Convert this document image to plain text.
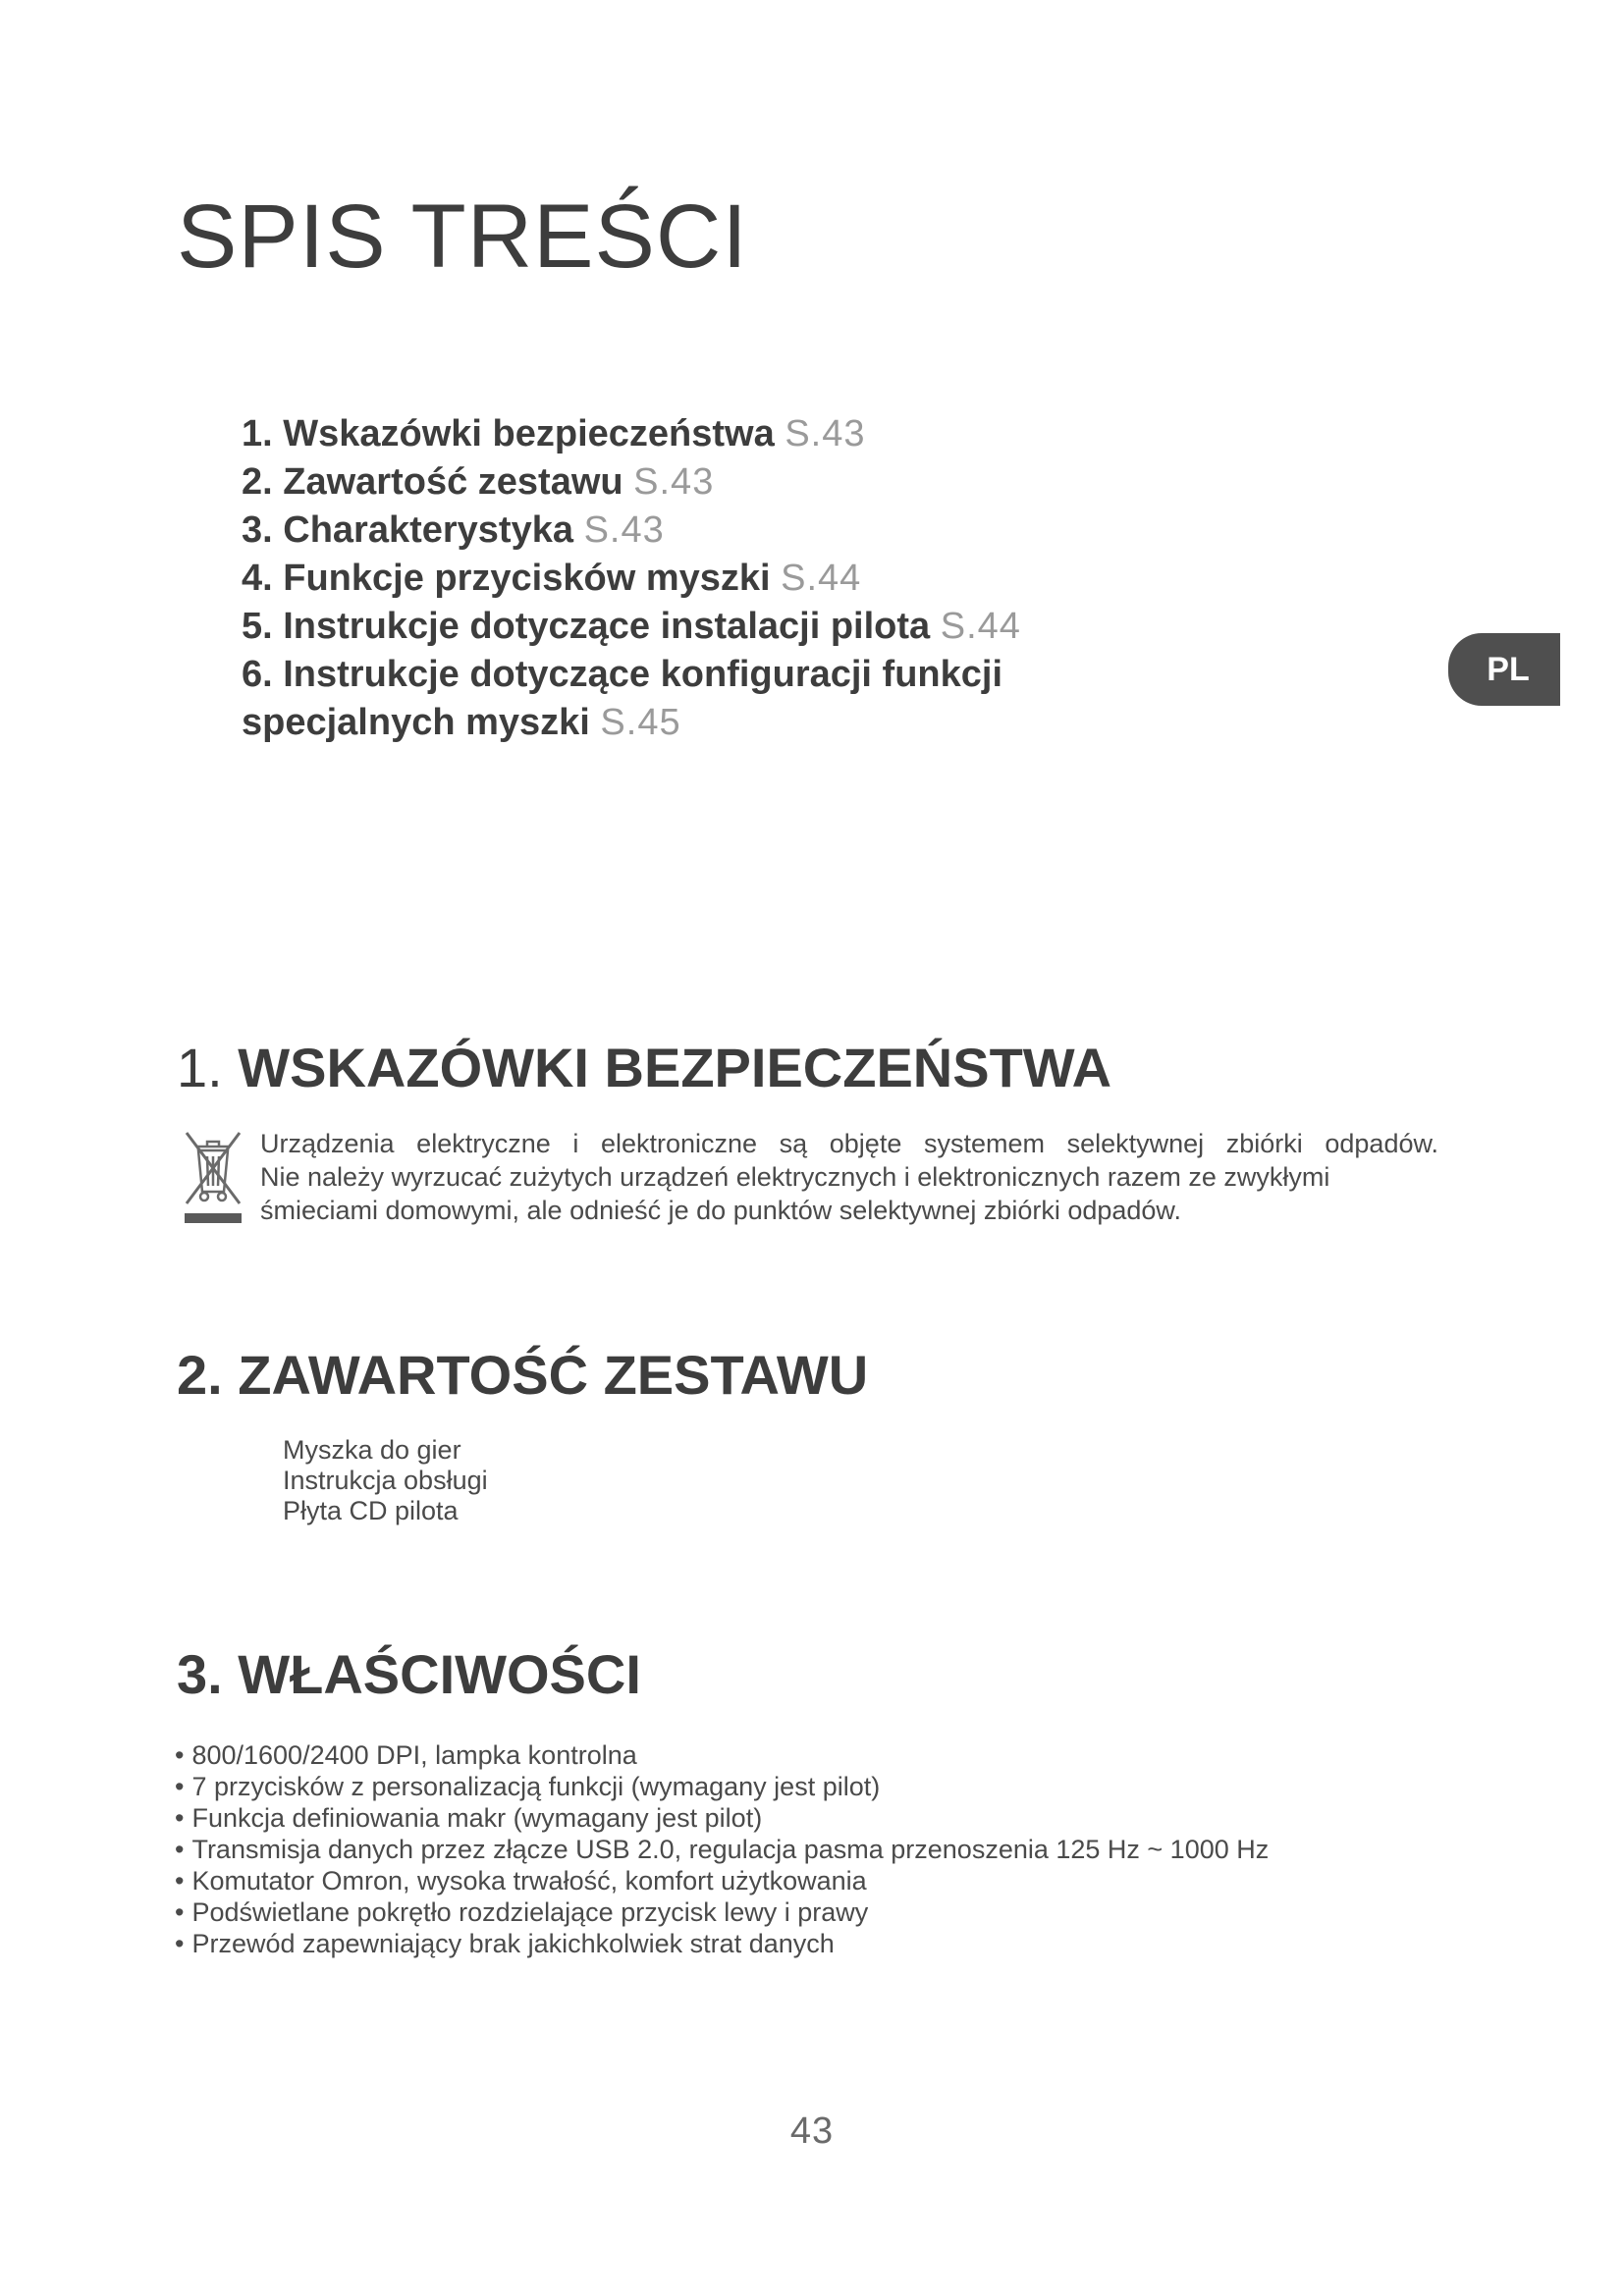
SPIS TREŚCI
1. Wskazówki bezpieczeństwa S.43
2. Zawartość zestawu S.43
3. Charakterystyka S.43
4. Funkcje przycisków myszki S.44
5. Instrukcje dotyczące instalacji pilota S.44
6. Instrukcje dotyczące konfiguracji funkcji
specjalnych myszki S.45
PL
1. WSKAZÓWKI BEZPIECZEŃSTWA

Urządzenia elektryczne i elektroniczne są objęte systemem selektywnej zbiórki odpadów.
Nie należy wyrzucać zużytych urządzeń elektrycznych i elektronicznych razem ze zwykłymi
śmieciami domowymi, ale odnieść je do punktów selektywnej zbiórki odpadów.

2. ZAWARTOŚĆ ZESTAWU
Myszka do gier
Instrukcja obsługi
Płyta CD pilota
3. WŁAŚCIWOŚCI
• 800/1600/2400 DPI, lampka kontrolna
• 7 przycisków z personalizacją funkcji (wymagany jest pilot)
• Funkcja definiowania makr (wymagany jest pilot)
• Transmisja danych przez złącze USB 2.0, regulacja pasma przenoszenia 125 Hz ~ 1000 Hz
• Komutator Omron, wysoka trwałość, komfort użytkowania
• Podświetlane pokrętło rozdzielające przycisk lewy i prawy
• Przewód zapewniający brak jakichkolwiek strat danych
43
